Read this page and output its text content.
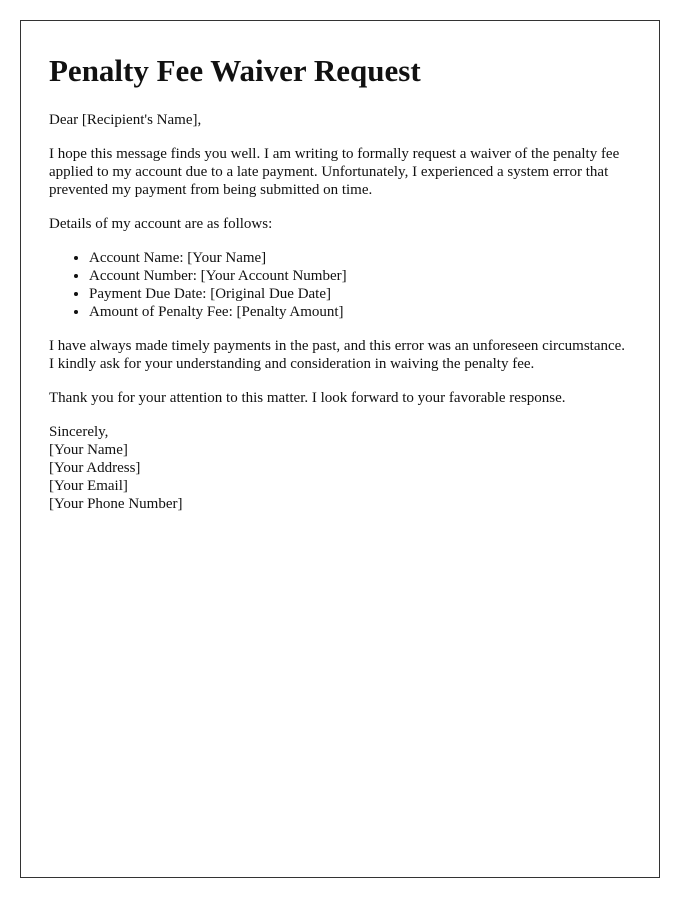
Penalty Fee Waiver Request

Dear [Recipient's Name],

I hope this message finds you well. I am writing to formally request a waiver of the penalty fee applied to my account due to a late payment. Unfortunately, I experienced a system error that prevented my payment from being submitted on time.

Details of my account are as follows:

• Account Name: [Your Name]
• Account Number: [Your Account Number]
• Payment Due Date: [Original Due Date]
• Amount of Penalty Fee: [Penalty Amount]

I have always made timely payments in the past, and this error was an unforeseen circumstance. I kindly ask for your understanding and consideration in waiving the penalty fee.

Thank you for your attention to this matter. I look forward to your favorable response.

Sincerely,
[Your Name]
[Your Address]
[Your Email]
[Your Phone Number]
